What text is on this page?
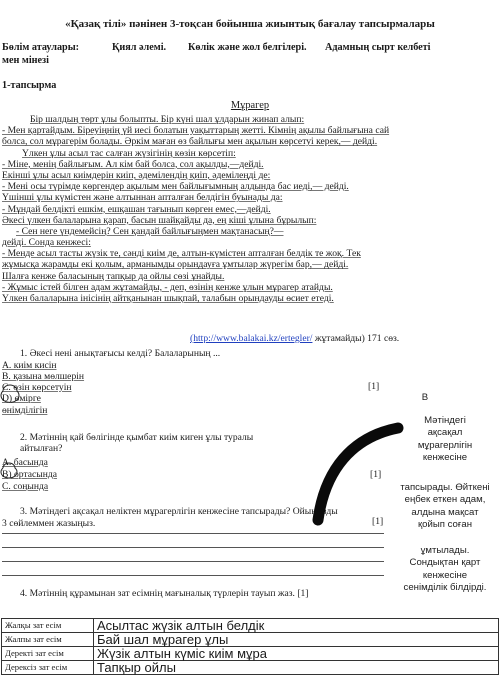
«Қазақ тілі» пәнінен 3-тоқсан бойынша жиынтық бағалау тапсырмалары
Бөлім атаулары:	Қиял әлемі. Көлік және жол белгілері. Адамның сырт келбеті
мен мінезі
1-тапсырма
Мұрагер
Бір шалдың төрт ұлы болыпты. Бір күні шал ұлдарын жинап алып:
- Мен қартайдым. Біреуіңнің үй иесі болатын уақыттарың жетті. Кімнің ақылы байлығына сай
болса, сол мұрагерім болады. Әркім маған өз байлығы мен ақылын көрсетуі керек,— дейді.
Үлкен ұлы асыл тас салған жүзігінің көзін көрсетіп:
- Міне, менің байлығым. Ал кім бай болса, сол ақылды,—дейді.
Екінші ұлы асыл киімдерін киіп, әдемілендің қиіп, әдемілеңді де:
- Мені осы түрімде көргендер ақылым мен байлығымның алдында бас иеді,— дейді.
Үшінші ұлы күмістен және алтыннан апталған белдігін буынады да:
- Мұндай белдікті ешкім, ешқашан тағынып көрген емес,—дейді.
Әкесі үлкен балаларына қарап, басын шайқайды да, ең кіші ұлына бұрылып:
- Сен неге үндемейсің? Сен қандай байлығыңмен мақтанасың?—
дейді. Сонда кенжесі:
- Менде асыл тасты жүзік те, сәнді киім де, алтын-күмістен апталған белдік те жоқ. Тек
жұмысқа жарамды екі қолым, арманымды орындауға ұмтылар жүрегім бар,— дейді.
Шалға кенже баласының тапқыр да ойлы сөзі ұнайды.
- Жұмыс істей білген адам жұтамайды, - деп, өзінің кенже ұлын мұрагер атайды.
Үлкен балаларына інісінің айтқанынан шықпай, талабын орындауды өсиет етеді.
(http://www.balakai.kz/ertegler/ жұтамайды) 171 сөз.
1. Әкесі нені анықтағысы келді? Балаларының ...
А. киім кисін
В. қазына мөлшерін
С. өзін көрсетуін
D) өмірге
өнімділігін
[1]
2. Мәтіннің қай бөлігінде қымбат киім киген ұлы туралы
айтылған?
А. басында
В) ортасында
С. соңында
[1]
3. Мәтіндегі ақсақал неліктен мұрагерлігін кенжесіне тапсырады? Ойыңызды
3 сөйлеммен жазыңыз.	[1]
4. Мәтіннің құрамынан зат есімнің мағыналық түрлерін тауып жаз. [1]
Жалқы зат есім	Асылтас жүзік алтын белдік
Жалпы зат есім	Бай шал мұрагер ұлы
Деректі зат есім	Жүзік алтын күміс киім мұра
Дерексіз зат есім	Тапқыр ойлы
В
Мәтіндегі
ақсақал
мұрагерлігін
кенжесіне
тапсырады. Өйткені
еңбек еткен адам,
алдына мақсат
қойып соған
ұмтылады.
Сондықтан қарт
кенжесіне
сенімділік білдірді.
